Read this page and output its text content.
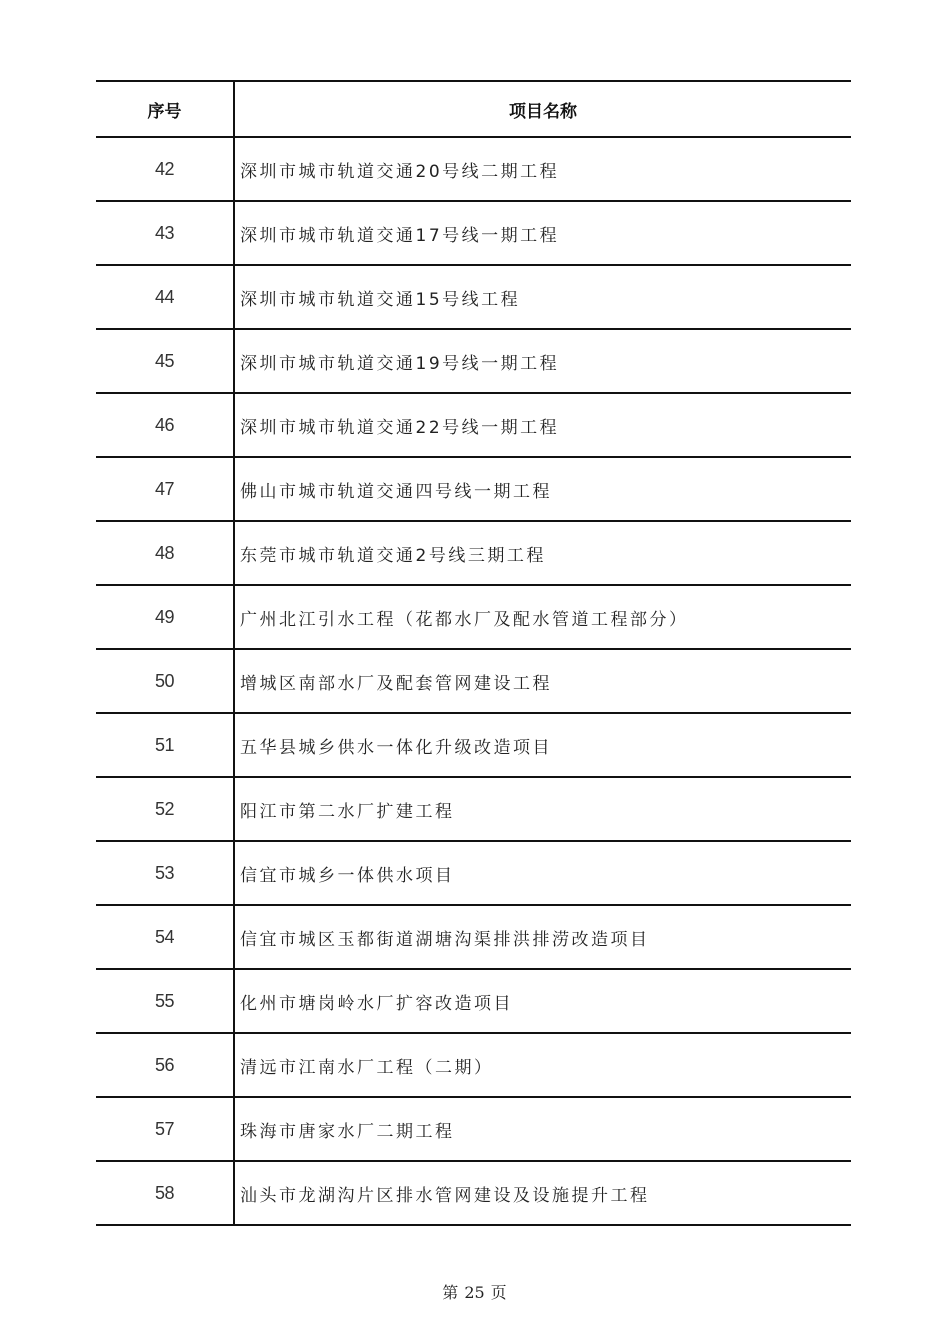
序号	项目名称
42	深圳市城市轨道交通20号线二期工程
43	深圳市城市轨道交通17号线一期工程
44	深圳市城市轨道交通15号线工程
45	深圳市城市轨道交通19号线一期工程
46	深圳市城市轨道交通22号线一期工程
47	佛山市城市轨道交通四号线一期工程
48	东莞市城市轨道交通2号线三期工程
49	广州北江引水工程（花都水厂及配水管道工程部分）
50	增城区南部水厂及配套管网建设工程
51	五华县城乡供水一体化升级改造项目
52	阳江市第二水厂扩建工程
53	信宜市城乡一体供水项目
54	信宜市城区玉都街道湖塘沟渠排洪排涝改造项目
55	化州市塘岗岭水厂扩容改造项目
56	清远市江南水厂工程（二期）
57	珠海市唐家水厂二期工程
58	汕头市龙湖沟片区排水管网建设及设施提升工程
第 25 页
